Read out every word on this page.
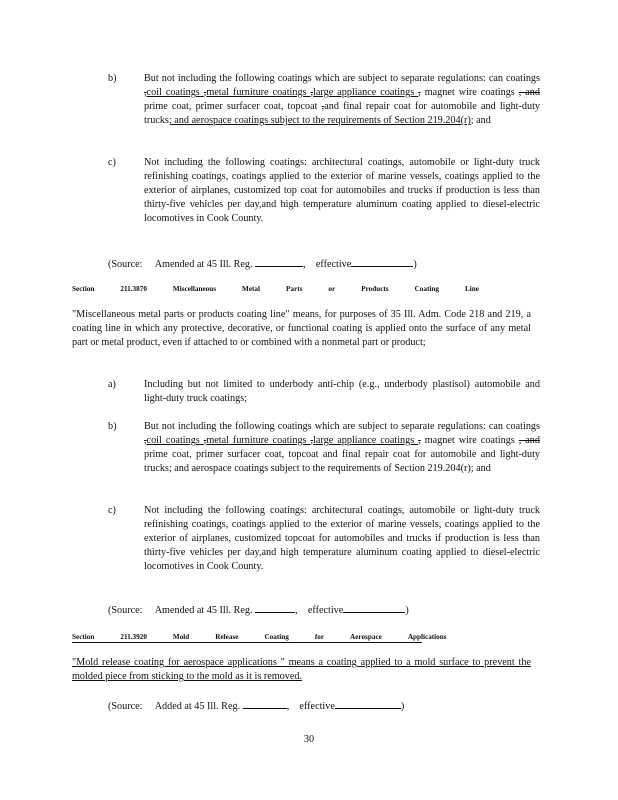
b)	But not including the following coatings which are subject to separate regulations: can coatings ,coil coatings ,metal furniture coatings ,large appliance coatings , magnet wire coatings , and prime coat, primer surfacer coat, topcoat ,and final repair coat for automobile and light-duty trucks; and aerospace coatings subject to the requirements of Section 219.204(r); and
c)	Not including the following coatings: architectural coatings, automobile or light-duty truck refinishing coatings, coatings applied to the exterior of marine vessels, coatings applied to the exterior of airplanes, customized top coat for automobiles and trucks if production is less than thirty-five vehicles per day,and high temperature aluminum coating applied to diesel-electric locomotives in Cook County.
(Source: Amended at 45 Ill. Reg.	, effective	)
Section	211.3870	Miscellaneous	Metal	Parts	or	Products	Coating	Line
"Miscellaneous metal parts or products coating line" means, for purposes of 35 Ill. Adm. Code 218 and 219, a coating line in which any protective, decorative, or functional coating is applied onto the surface of any metal part or metal product, even if attached to or combined with a nonmetal part or product;
a)	Including but not limited to underbody anti-chip (e.g., underbody plastisol) automobile and light-duty truck coatings;
b)	But not including the following coatings which are subject to separate regulations: can coatings ,coil coatings ,metal furniture coatings ,large appliance coatings , magnet wire coatings , and prime coat, primer surfacer coat, topcoat and final repair coat for automobile and light-duty trucks; and aerospace coatings subject to the requirements of Section 219.204(r); and
c)	Not including the following coatings: architectural coatings, automobile or light-duty truck refinishing coatings, coatings applied to the exterior of marine vessels, coatings applied to the exterior of airplanes, customized topcoat for automobiles and trucks if production is less than thirty-five vehicles per day,and high temperature aluminum coating applied to diesel-electric locomotives in Cook County.
(Source: Amended at 45 Ill. Reg.	, effective	)
Section	211.3920	Mold	Release	Coating	for	Aerospace	Applications
"Mold release coating for aerospace applications " means a coating applied to a mold surface to prevent the molded piece from sticking to the mold as it is removed.
(Source: Added at 45 Ill. Reg.	, effective	)
30
